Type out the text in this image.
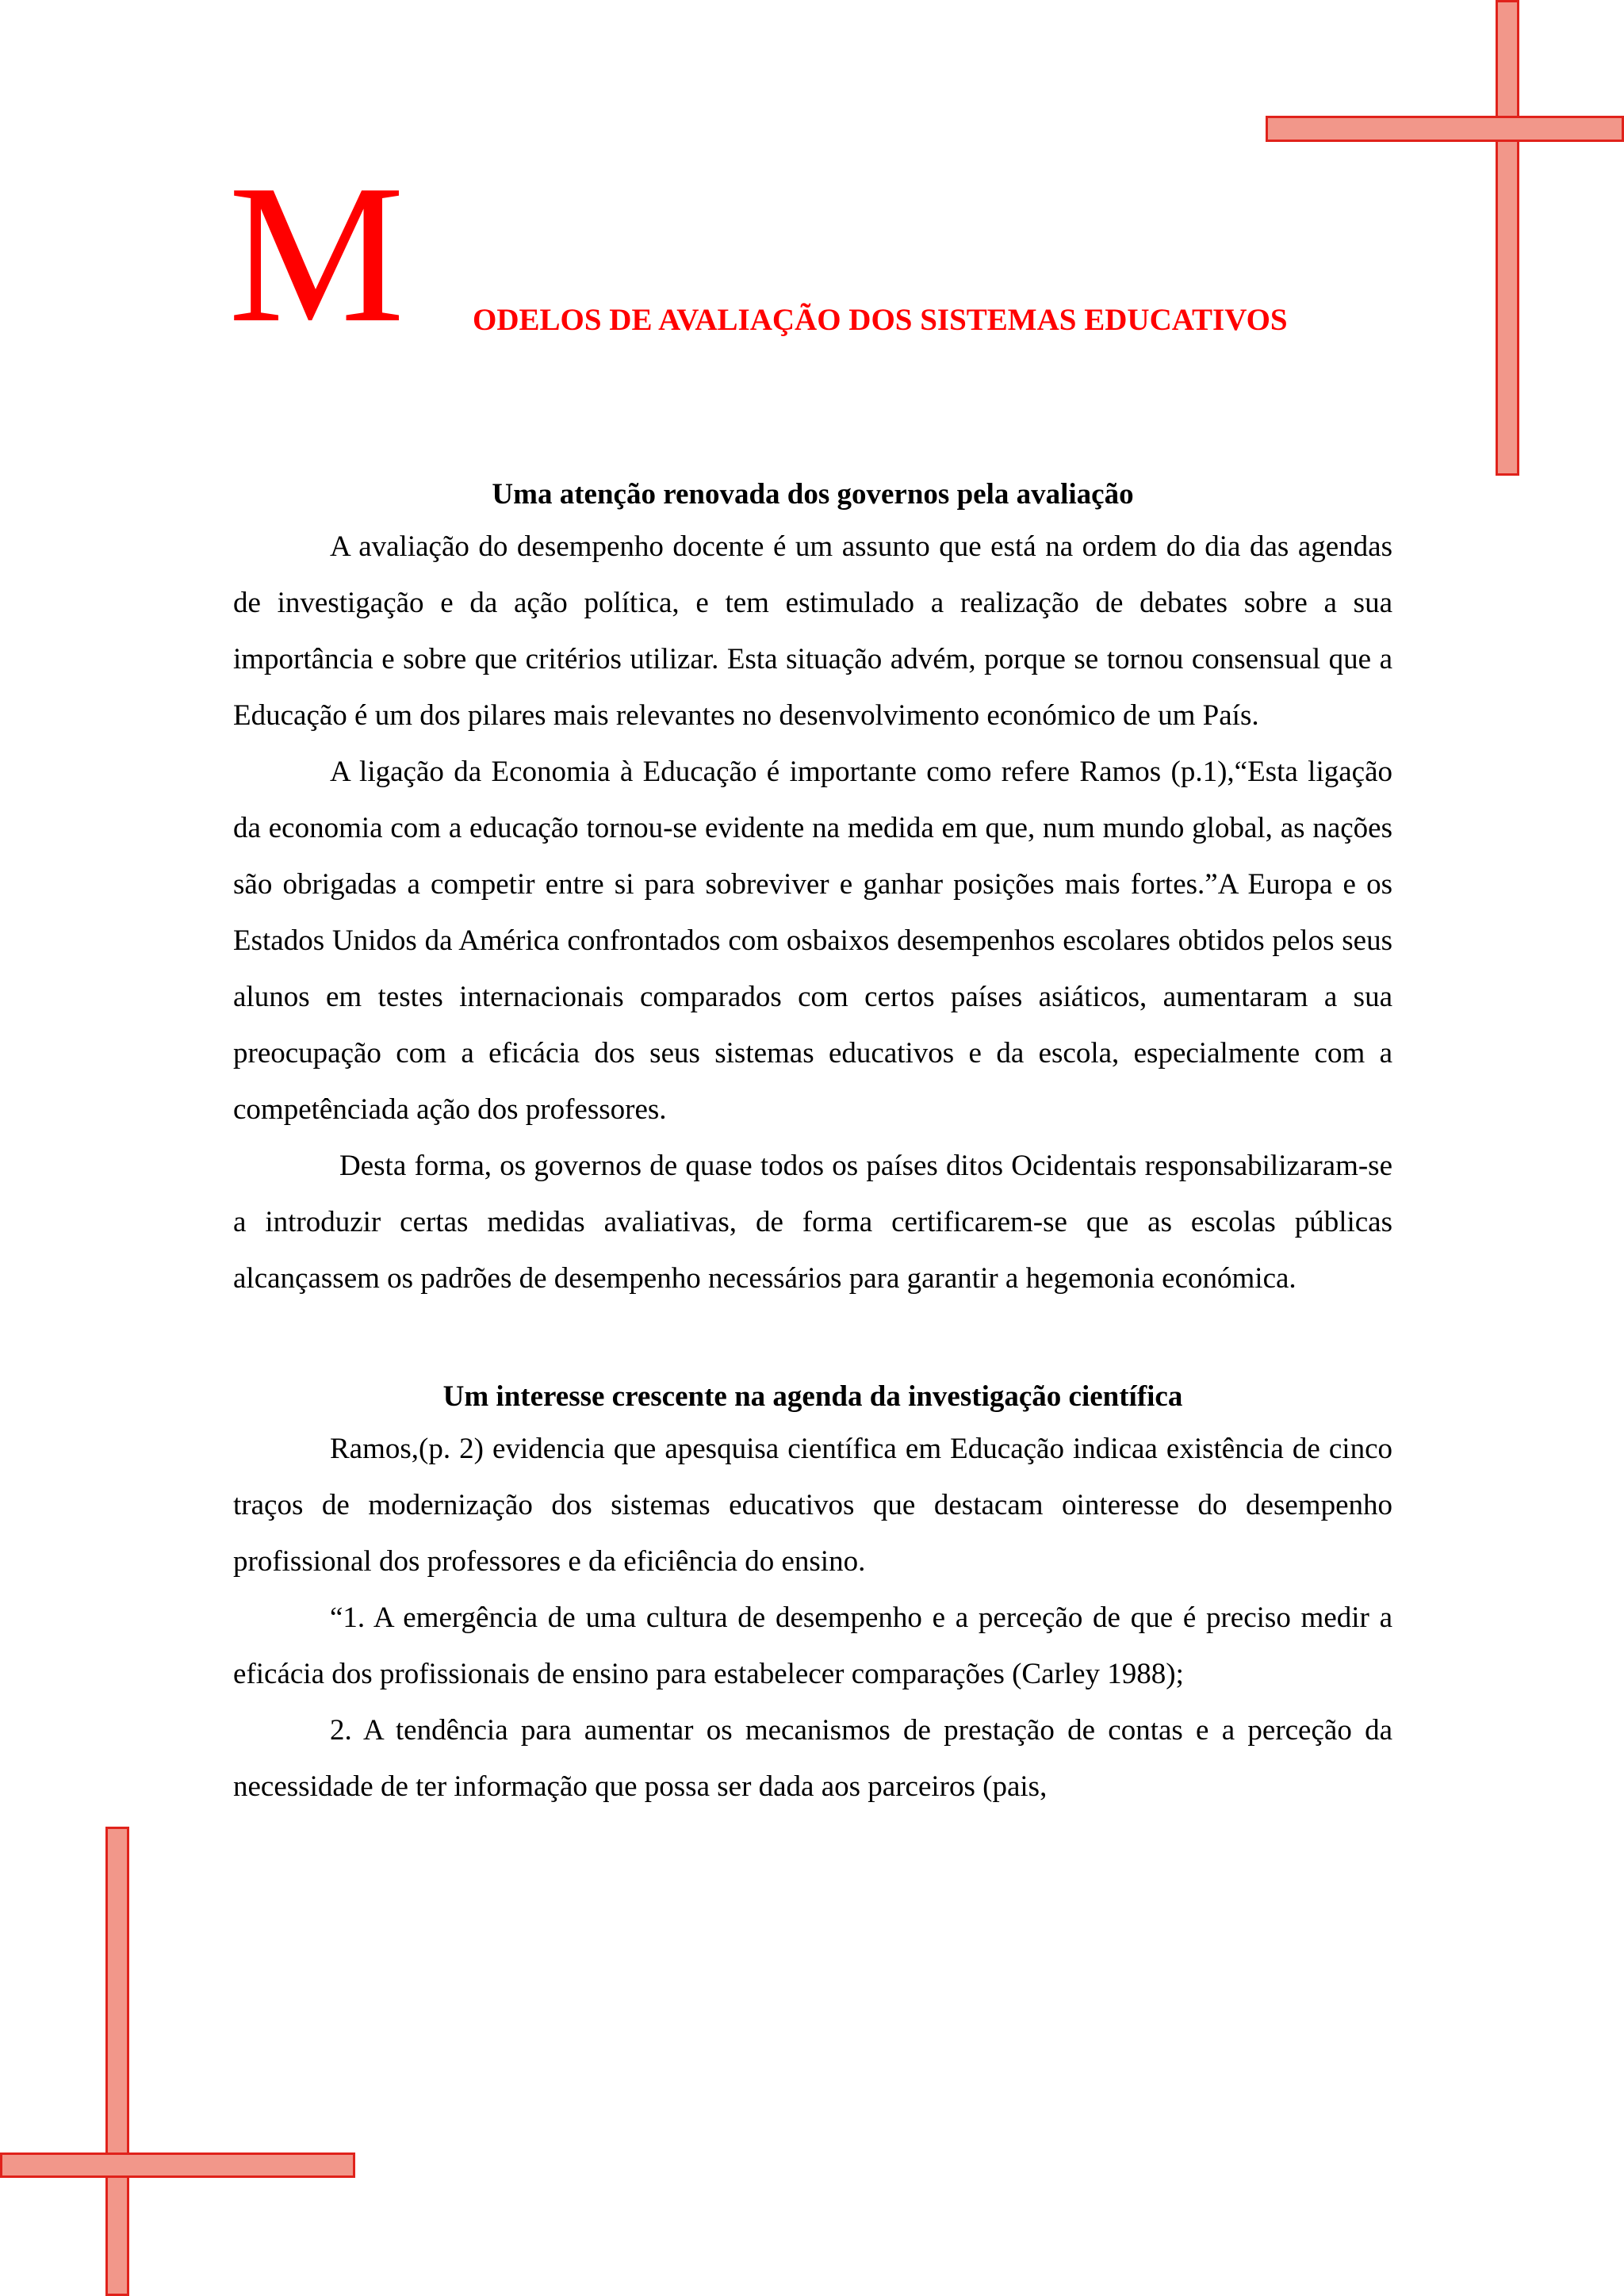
M ODELOS DE AVALIAÇÃO DOS SISTEMAS EDUCATIVOS
Uma atenção renovada dos governos pela avaliação

A avaliação do desempenho docente é um assunto que está na ordem do dia das agendas de investigação e da ação política, e tem estimulado a realização de debates sobre a sua importância e sobre que critérios utilizar. Esta situação advém, porque se tornou consensual que a Educação é um dos pilares mais relevantes no desenvolvimento económico de um País.

A ligação da Economia à Educação é importante como refere Ramos (p.1),“Esta ligação da economia com a educação tornou-se evidente na medida em que, num mundo global, as nações são obrigadas a competir entre si para sobreviver e ganhar posições mais fortes.”A Europa e os Estados Unidos da América confrontados com osbaixos desempenhos escolares obtidos pelos seus alunos em testes internacionais comparados com certos países asiáticos, aumentaram a sua preocupação com a eficácia dos seus sistemas educativos e da escola, especialmente com a competênciada ação dos professores.

Desta forma, os governos de quase todos os países ditos Ocidentais responsabilizaram-se a introduzir certas medidas avaliativas, de forma certificarem-se que as escolas públicas alcançassem os padrões de desempenho necessários para garantir a hegemonia económica.

Um interesse crescente na agenda da investigação científica

Ramos,(p. 2) evidencia que apesquisa científica em Educação indicaa existência de cinco traços de modernização dos sistemas educativos que destacam ointeresse do desempenho profissional dos professores e da eficiência do ensino.

“1. A emergência de uma cultura de desempenho e a perceção de que é preciso medir a eficácia dos profissionais de ensino para estabelecer comparações (Carley 1988);

2. A tendência para aumentar os mecanismos de prestação de contas e a perceção da necessidade de ter informação que possa ser dada aos parceiros (pais,
